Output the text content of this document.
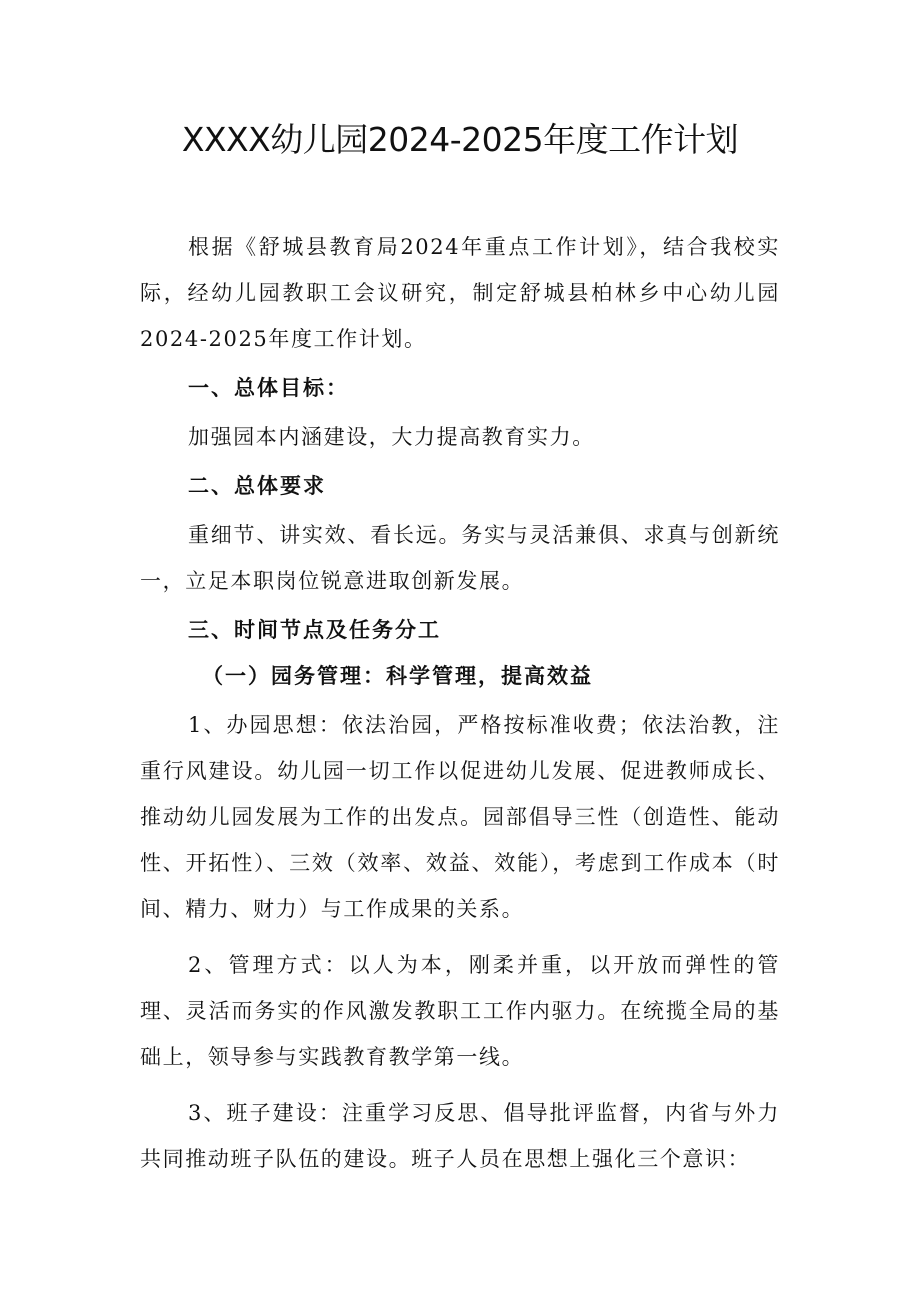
XXXX幼儿园2024-2025年度工作计划

根据《舒城县教育局2024年重点工作计划》，结合我校实际，经幼儿园教职工会议研究，制定舒城县柏林乡中心幼儿园2024-2025年度工作计划。

一、总体目标：

加强园本内涵建设，大力提高教育实力。

二、总体要求

重细节、讲实效、看长远。务实与灵活兼俱、求真与创新统一，立足本职岗位锐意进取创新发展。

三、时间节点及任务分工

（一）园务管理：科学管理，提高效益

1、办园思想：依法治园，严格按标准收费；依法治教，注重行风建设。幼儿园一切工作以促进幼儿发展、促进教师成长、推动幼儿园发展为工作的出发点。园部倡导三性（创造性、能动性、开拓性）、三效（效率、效益、效能），考虑到工作成本（时间、精力、财力）与工作成果的关系。

2、管理方式：以人为本，刚柔并重，以开放而弹性的管理、灵活而务实的作风激发教职工工作内驱力。在统揽全局的基础上，领导参与实践教育教学第一线。

3、班子建设：注重学习反思、倡导批评监督，内省与外力共同推动班子队伍的建设。班子人员在思想上强化三个意识：
